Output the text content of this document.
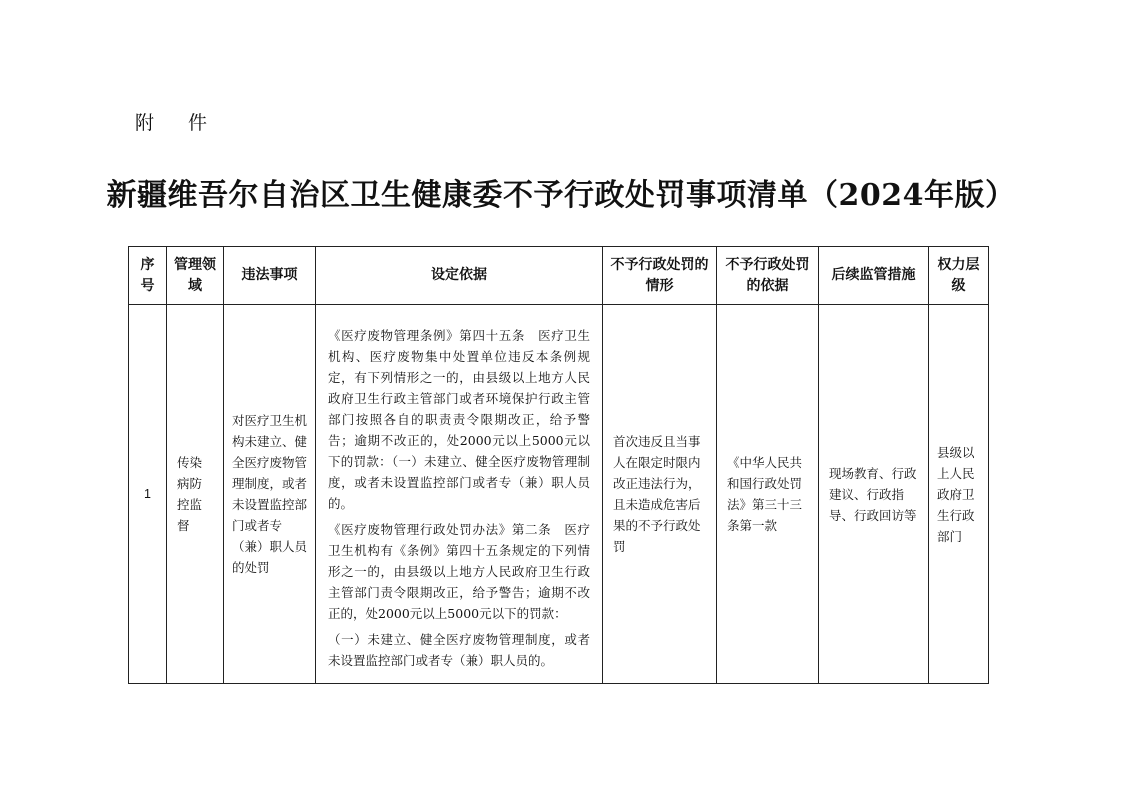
附 件
新疆维吾尔自治区卫生健康委不予行政处罚事项清单（2024年版）
序号	管理领域	违法事项	设定依据	不予行政处罚的情形	不予行政处罚的依据	后续监管措施	权力层级
1	传染病防控监督	对医疗卫生机构未建立、健全医疗废物管理制度，或者未设置监控部门或者专（兼）职人员的处罚	《医疗废物管理条例》第四十五条　医疗卫生机构、医疗废物集中处置单位违反本条例规定，有下列情形之一的，由县级以上地方人民政府卫生行政主管部门或者环境保护行政主管部门按照各自的职责责令限期改正，给予警告；逾期不改正的，处2000元以上5000元以下的罚款：（一）未建立、健全医疗废物管理制度，或者未设置监控部门或者专（兼）职人员的。

《医疗废物管理行政处罚办法》第二条　医疗卫生机构有《条例》第四十五条规定的下列情形之一的，由县级以上地方人民政府卫生行政主管部门责令限期改正，给予警告；逾期不改正的，处2000元以上5000元以下的罚款：

（一）未建立、健全医疗废物管理制度，或者未设置监控部门或者专（兼）职人员的。	首次违反且当事人在限定时限内改正违法行为，且未造成危害后果的不予行政处罚	《中华人民共和国行政处罚法》第三十三条第一款	现场教育、行政建议、行政指导、行政回访等	县级以上人民政府卫生行政部门
